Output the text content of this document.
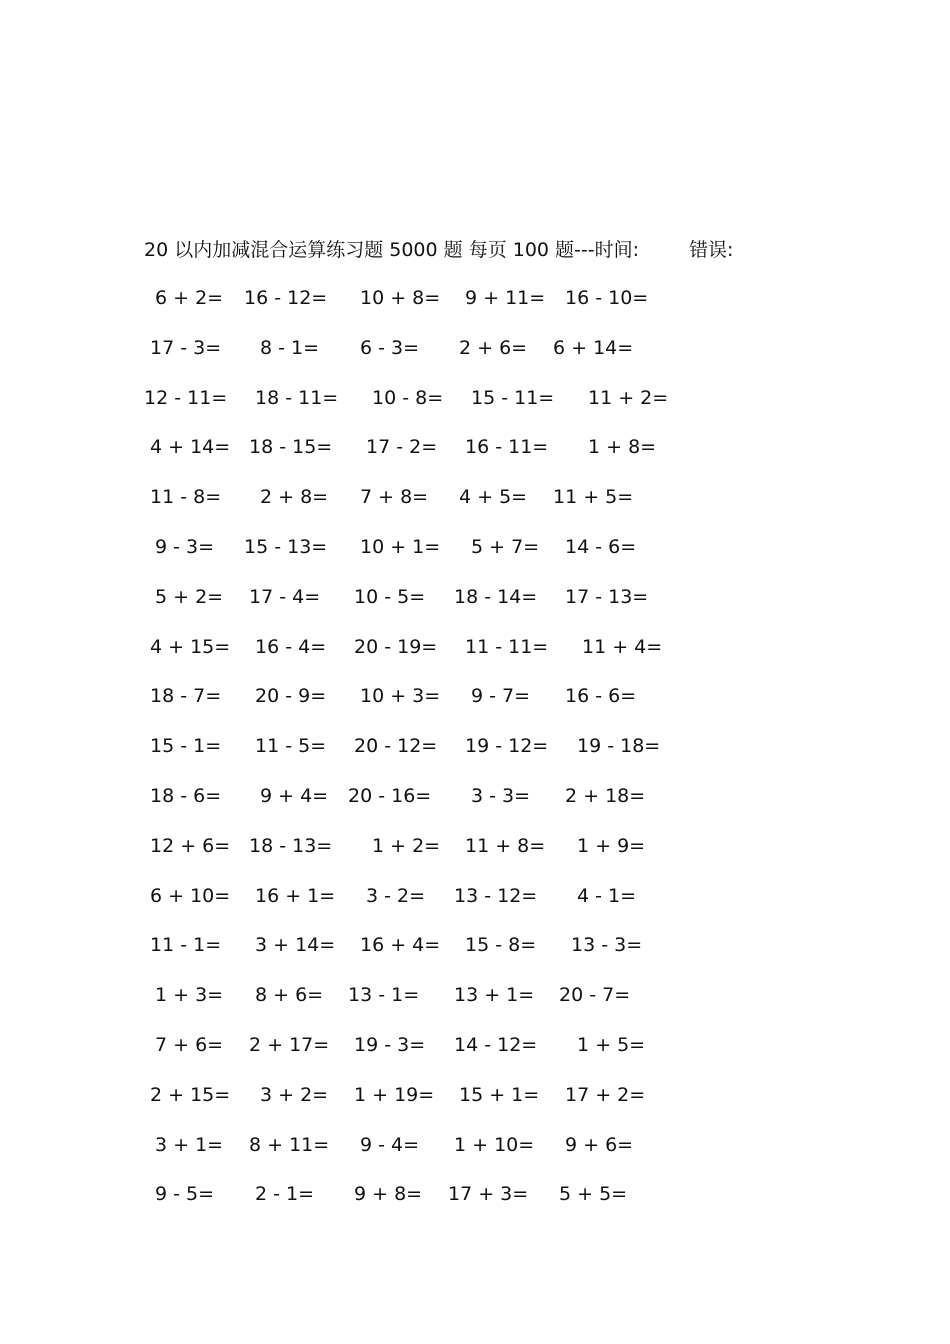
20 以内加减混合运算练习题 5000 题 每页 100 题---时间:	错误:
6 + 2= 16 - 12= 10 + 8= 9 + 11= 16 - 10=
17 - 3= 8 - 1= 6 - 3= 2 + 6= 6 + 14=
12 - 11= 18 - 11= 10 - 8= 15 - 11= 11 + 2=
4 + 14= 18 - 15= 17 - 2= 16 - 11= 1 + 8=
11 - 8= 2 + 8= 7 + 8= 4 + 5= 11 + 5=
9 - 3= 15 - 13= 10 + 1= 5 + 7= 14 - 6=
5 + 2= 17 - 4= 10 - 5= 18 - 14= 17 - 13=
4 + 15= 16 - 4= 20 - 19= 11 - 11= 11 + 4=
18 - 7= 20 - 9= 10 + 3= 9 - 7= 16 - 6=
15 - 1= 11 - 5= 20 - 12= 19 - 12= 19 - 18=
18 - 6= 9 + 4= 20 - 16= 3 - 3= 2 + 18=
12 + 6= 18 - 13= 1 + 2= 11 + 8= 1 + 9=
6 + 10= 16 + 1= 3 - 2= 13 - 12= 4 - 1=
11 - 1= 3 + 14= 16 + 4= 15 - 8= 13 - 3=
1 + 3= 8 + 6= 13 - 1= 13 + 1= 20 - 7=
7 + 6= 2 + 17= 19 - 3= 14 - 12= 1 + 5=
2 + 15= 3 + 2= 1 + 19= 15 + 1= 17 + 2=
3 + 1= 8 + 11= 9 - 4= 1 + 10= 9 + 6=
9 - 5= 2 - 1= 9 + 8= 17 + 3= 5 + 5=
